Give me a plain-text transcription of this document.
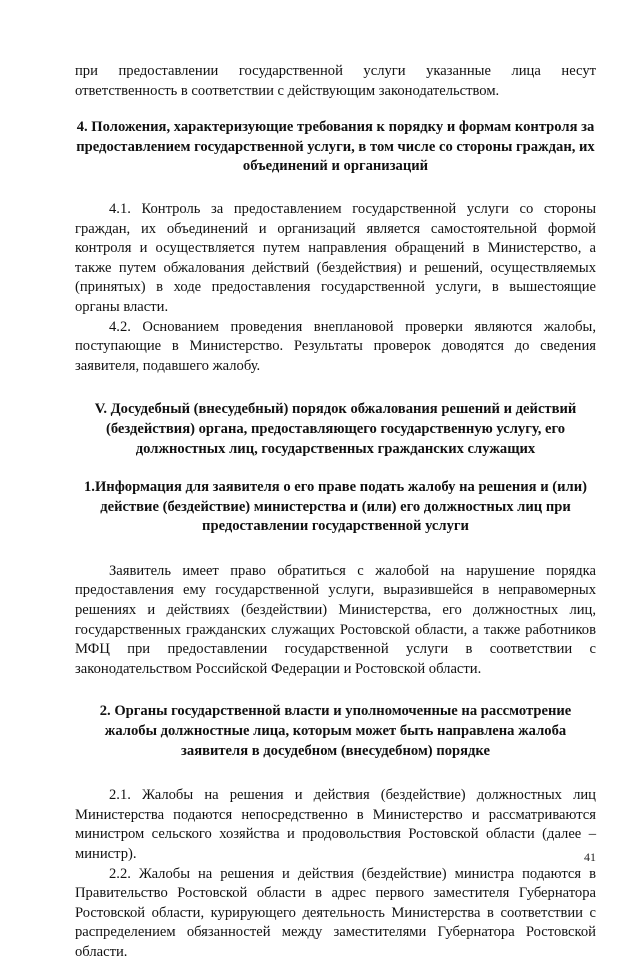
при предоставлении государственной услуги указанные лица несут ответственность в соответствии с действующим законодательством.

4. Положения, характеризующие требования к порядку и формам контроля за предоставлением государственной услуги, в том числе со стороны граждан, их объединений и организаций

4.1. Контроль за предоставлением государственной услуги со стороны граждан, их объединений и организаций является самостоятельной формой контроля и осуществляется путем направления обращений в Министерство, а также путем обжалования действий (бездействия) и решений, осуществляемых (принятых) в ходе предоставления государственной услуги, в вышестоящие органы власти.

4.2. Основанием проведения внеплановой проверки являются жалобы, поступающие в Министерство. Результаты проверок доводятся до сведения заявителя, подавшего жалобу.

V. Досудебный (внесудебный) порядок обжалования решений и действий (бездействия) органа, предоставляющего государственную услугу, его должностных лиц, государственных гражданских служащих
1.Информация для заявителя о его праве подать жалобу на решения и (или) действие (бездействие) министерства и (или) его должностных лиц при предоставлении государственной услуги

Заявитель имеет право обратиться с жалобой на нарушение порядка предоставления ему государственной услуги, выразившейся в неправомерных решениях и действиях (бездействии) Министерства, его должностных лиц, государственных гражданских служащих Ростовской области, а также работников МФЦ при предоставлении государственной услуги в соответствии с законодательством Российской Федерации и Ростовской области.

2. Органы государственной власти и уполномоченные на рассмотрение жалобы должностные лица, которым может быть направлена жалоба заявителя в досудебном (внесудебном) порядке

2.1. Жалобы на решения и действия (бездействие) должностных лиц Министерства подаются непосредственно в Министерство и рассматриваются министром сельского хозяйства и продовольствия Ростовской области (далее – министр).

2.2. Жалобы на решения и действия (бездействие) министра подаются в Правительство Ростовской области в адрес первого заместителя Губернатора Ростовской области, курирующего деятельность Министерства в соответствии с распределением обязанностей между заместителями Губернатора Ростовской области.

41
